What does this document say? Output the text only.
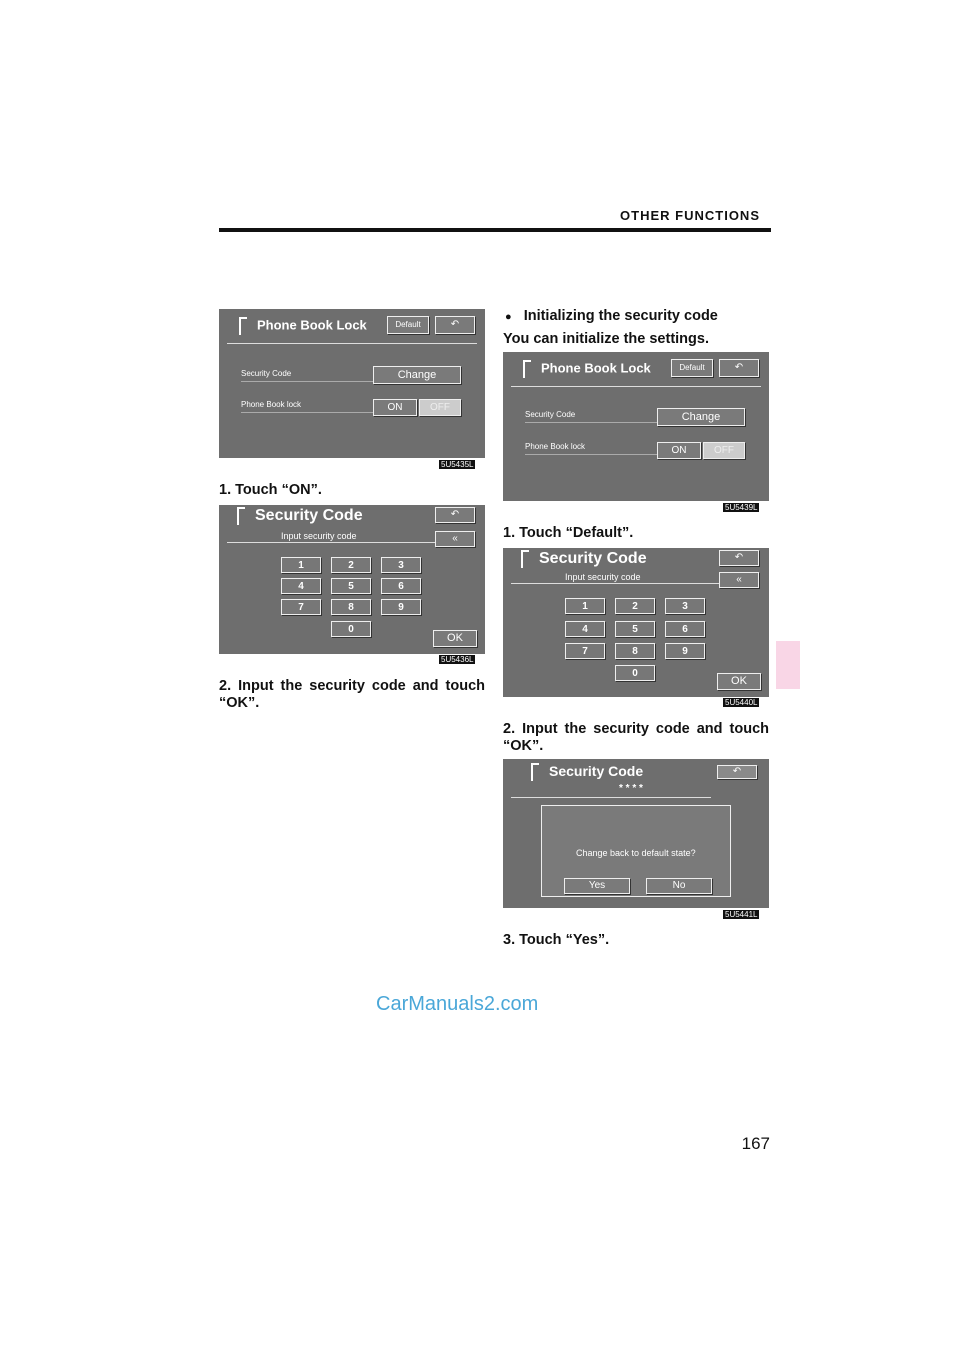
OTHER FUNCTIONS
Phone Book Lock	Default	↶
Security Code	Change
Phone Book lock	ON	OFF
5U5435L
1. Touch “ON”.
Security Code	↶
Input security code	«
1	2	3
4	5	6
7	8	9
0
OK
5U5436L
2. Input the security code and touch “OK”.
● Initializing the security code
You can initialize the settings.
Phone Book Lock	Default	↶
Security Code	Change
Phone Book lock	ON	OFF
5U5439L
1. Touch “Default”.
Security Code	↶
Input security code	«
1	2	3
4	5	6
7	8	9
0
OK
5U5440L
2. Input the security code and touch “OK”.
Security Code	↶
* * * *
Change back to default state?
Yes	No
5U5441L
3. Touch “Yes”.
CarManuals2.com
167
